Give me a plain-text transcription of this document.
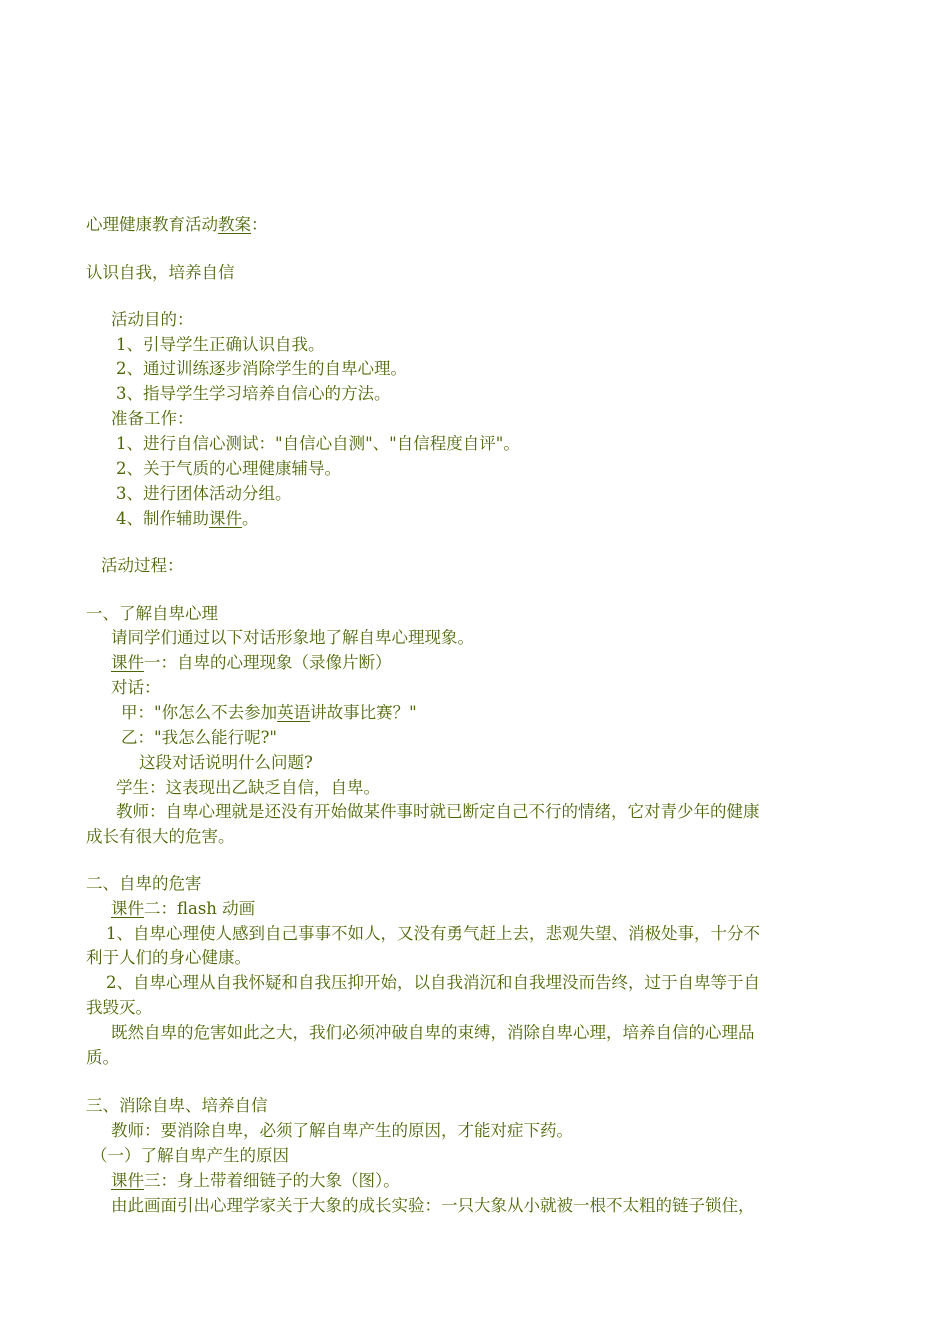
心理健康教育活动教案：
认识自我，培养自信
活动目的：
1、引导学生正确认识自我。
2、通过训练逐步消除学生的自卑心理。
3、指导学生学习培养自信心的方法。
准备工作：
1、进行自信心测试："自信心自测"、"自信程度自评"。
2、关于气质的心理健康辅导。
3、进行团体活动分组。
4、制作辅助课件。
活动过程：
一、了解自卑心理
请同学们通过以下对话形象地了解自卑心理现象。
课件一：自卑的心理现象（录像片断）
对话：
甲："你怎么不去参加英语讲故事比赛？"
乙："我怎么能行呢?"
这段对话说明什么问题?
学生：这表现出乙缺乏自信，自卑。
教师：自卑心理就是还没有开始做某件事时就已断定自己不行的情绪，它对青少年的健康
成长有很大的危害。
二、自卑的危害
课件二：flash 动画
1、自卑心理使人感到自己事事不如人，又没有勇气赶上去，悲观失望、消极处事，十分不
利于人们的身心健康。
2、自卑心理从自我怀疑和自我压抑开始，以自我消沉和自我埋没而告终，过于自卑等于自
我毁灭。
既然自卑的危害如此之大，我们必须冲破自卑的束缚，消除自卑心理，培养自信的心理品
质。
三、消除自卑、培养自信
教师：要消除自卑，必须了解自卑产生的原因，才能对症下药。
（一）了解自卑产生的原因
课件三：身上带着细链子的大象（图）。
由此画面引出心理学家关于大象的成长实验：一只大象从小就被一根不太粗的链子锁住，
